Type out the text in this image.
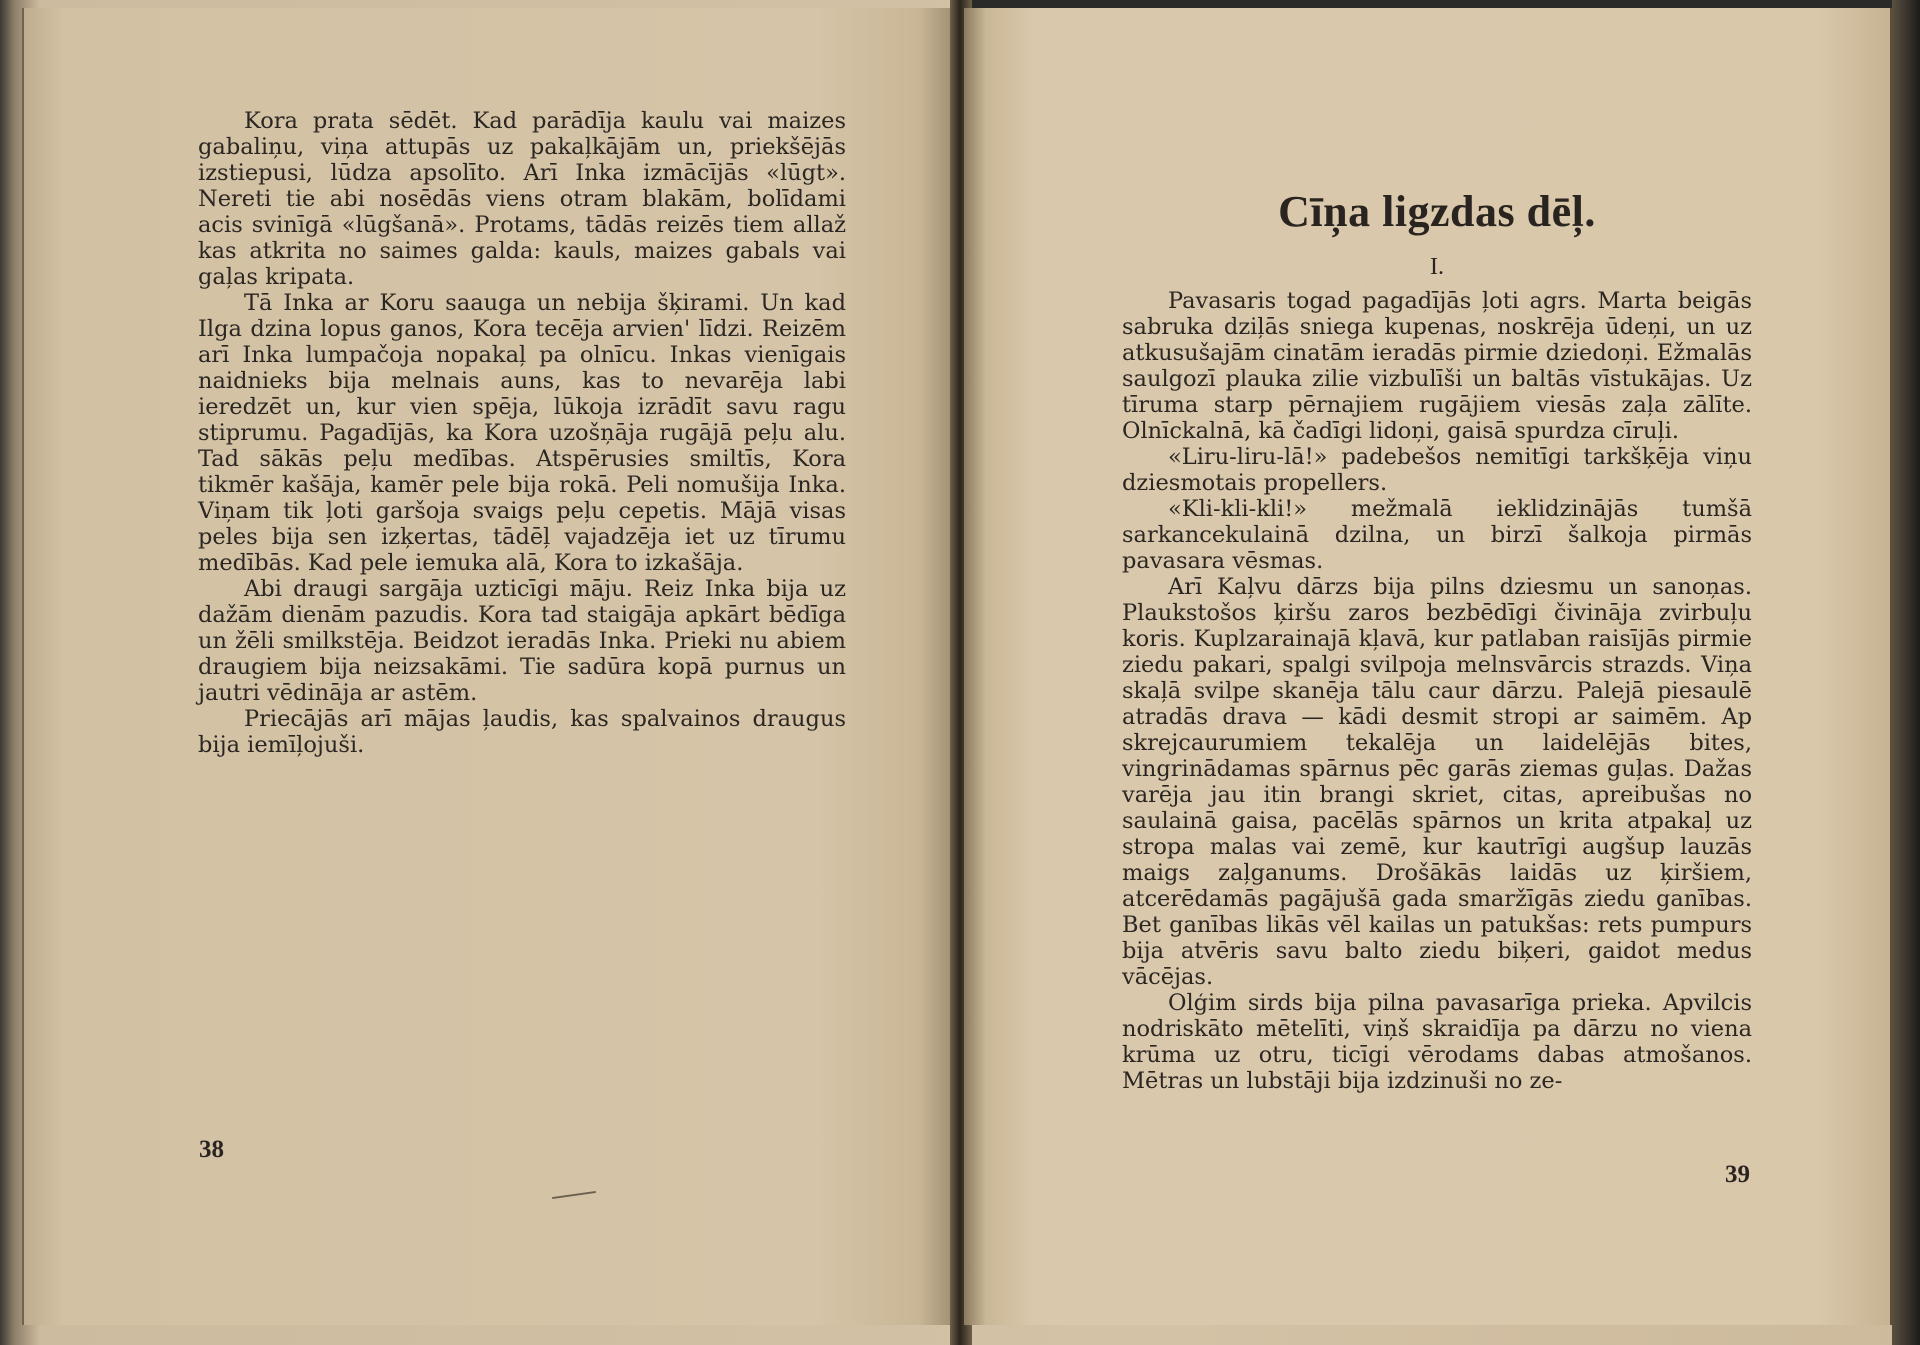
Kora prata sēdēt. Kad parādīja kaulu vai maizes gabaliņu, viņa attupās uz pakaļkājām un, priekšējās izstiepusi, lūdza apsolīto. Arī Inka izmācījās «lūgt». Nereti tie abi nosēdās viens otram blakām, bolīdami acis svinīgā «lūgšanā». Protams, tādās reizēs tiem allaž kas atkrita no saimes galda: kauls, maizes gabals vai gaļas kripata.

Tā Inka ar Koru saauga un nebija šķirami. Un kad Ilga dzina lopus ganos, Kora tecēja arvien' līdzi. Reizēm arī Inka lumpačoja nopakaļ pa olnīcu. Inkas vienīgais naidnieks bija melnais auns, kas to nevarēja labi ieredzēt un, kur vien spēja, lūkoja izrādīt savu ragu stiprumu. Pagadījās, ka Kora uzošņāja rugājā peļu alu. Tad sākās peļu medības. Atspērusies smiltīs, Kora tikmēr kašāja, kamēr pele bija rokā. Peli nomušija Inka. Viņam tik ļoti garšoja svaigs peļu cepetis. Mājā visas peles bija sen izķertas, tādēļ vajadzēja iet uz tīrumu medībās. Kad pele iemuka alā, Kora to izkašāja.

Abi draugi sargāja uzticīgi māju. Reiz Inka bija uz dažām dienām pazudis. Kora tad staigāja apkārt bēdīga un žēli smilkstēja. Beidzot ieradās Inka. Prieki nu abiem draugiem bija neizsakāmi. Tie sadūra kopā purnus un jautri vēdināja ar astēm.

Priecājās arī mājas ļaudis, kas spalvainos draugus bija iemīļojuši.

38
Cīņa ligzdas dēļ.
I.

Pavasaris togad pagadījās ļoti agrs. Marta beigās sabruka dziļās sniega kupenas, noskrēja ūdeņi, un uz atkusušajām cinatām ieradās pirmie dziedoņi. Ežmalās saulgozī plauka zilie vizbulīši un baltās vīstukājas. Uz tīruma starp pērnajiem rugājiem viesās zaļa zālīte. Olnīckalnā, kā čadīgi lidoņi, gaisā spurdza cīruļi.

«Liru-liru-lā!» padebešos nemitīgi tarkšķēja viņu dziesmotais propellers.

«Kli-kli-kli!» mežmalā ieklidzinājās tumšā sarkancekulainā dzilna, un birzī šalkoja pirmās pavasara vēsmas.

Arī Kaļvu dārzs bija pilns dziesmu un sanoņas. Plaukstošos ķiršu zaros bezbēdīgi čivināja zvirbuļu koris. Kuplzarainajā kļavā, kur patlaban raisījās pirmie ziedu pakari, spalgi svilpoja melnsvārcis strazds. Viņa skaļā svilpe skanēja tālu caur dārzu. Palejā piesaulē atradās drava — kādi desmit stropi ar saimēm. Ap skrejcaurumiem tekalēja un laidelējās bites, vingrinādamas spārnus pēc garās ziemas guļas. Dažas varēja jau itin brangi skriet, citas, apreibušas no saulainā gaisa, pacēlās spārnos un krita atpakaļ uz stropa malas vai zemē, kur kautrīgi augšup lauzās maigs zaļganums. Drošākās laidās uz ķiršiem, atcerēdamās pagājušā gada smaržīgās ziedu ganības. Bet ganības likās vēl kailas un patukšas: rets pumpurs bija atvēris savu balto ziedu biķeri, gaidot medus vācējas.

Olģim sirds bija pilna pavasarīga prieka. Apvilcis nodriskāto mētelīti, viņš skraidīja pa dārzu no viena krūma uz otru, ticīgi vērodams dabas atmošanos. Mētras un lubstāji bija izdzinuši no ze-

39
